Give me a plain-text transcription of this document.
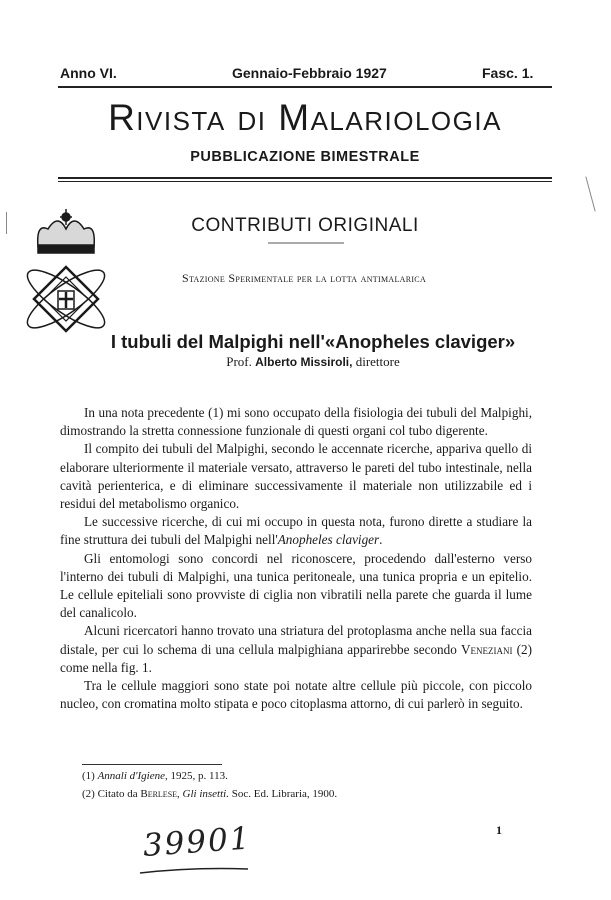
Anno VI.	Gennaio-Febbraio 1927	Fasc. 1.
Rivista di Malariologia
PUBBLICAZIONE BIMESTRALE
CONTRIBUTI ORIGINALI
Stazione Sperimentale per la lotta antimalarica
I tubuli del Malpighi nell'«Anopheles claviger»
Prof. Alberto Missiroli, direttore

In una nota precedente (1) mi sono occupato della fisiologia dei tubuli del Malpighi, dimostrando la stretta connessione funzionale di questi organi col tubo digerente.

Il compito dei tubuli del Malpighi, secondo le accennate ricerche, appariva quello di elaborare ulteriormente il materiale versato, attraverso le pareti del tubo intestinale, nella cavità perienterica, e di eliminare successivamente il materiale non utilizzabile ed i residui del metabolismo organico.

Le successive ricerche, di cui mi occupo in questa nota, furono dirette a studiare la fine struttura dei tubuli del Malpighi nell'Anopheles claviger.

Gli entomologi sono concordi nel riconoscere, procedendo dall'esterno verso l'interno dei tubuli di Malpighi, una tunica peritoneale, una tunica propria e un epitelio. Le cellule epiteliali sono provviste di ciglia non vibratili nella parete che guarda il lume del canalicolo.

Alcuni ricercatori hanno trovato una striatura del protoplasma anche nella sua faccia distale, per cui lo schema di una cellula malpighiana apparirebbe secondo Veneziani (2) come nella fig. 1.

Tra le cellule maggiori sono state poi notate altre cellule più piccole, con piccolo nucleo, con cromatina molto stipata e poco citoplasma attorno, di cui parlerò in seguito.

(1) Annali d'Igiene, 1925, p. 113.
(2) Citato da Berlese, Gli insetti. Soc. Ed. Libraria, 1900.
1
39901
